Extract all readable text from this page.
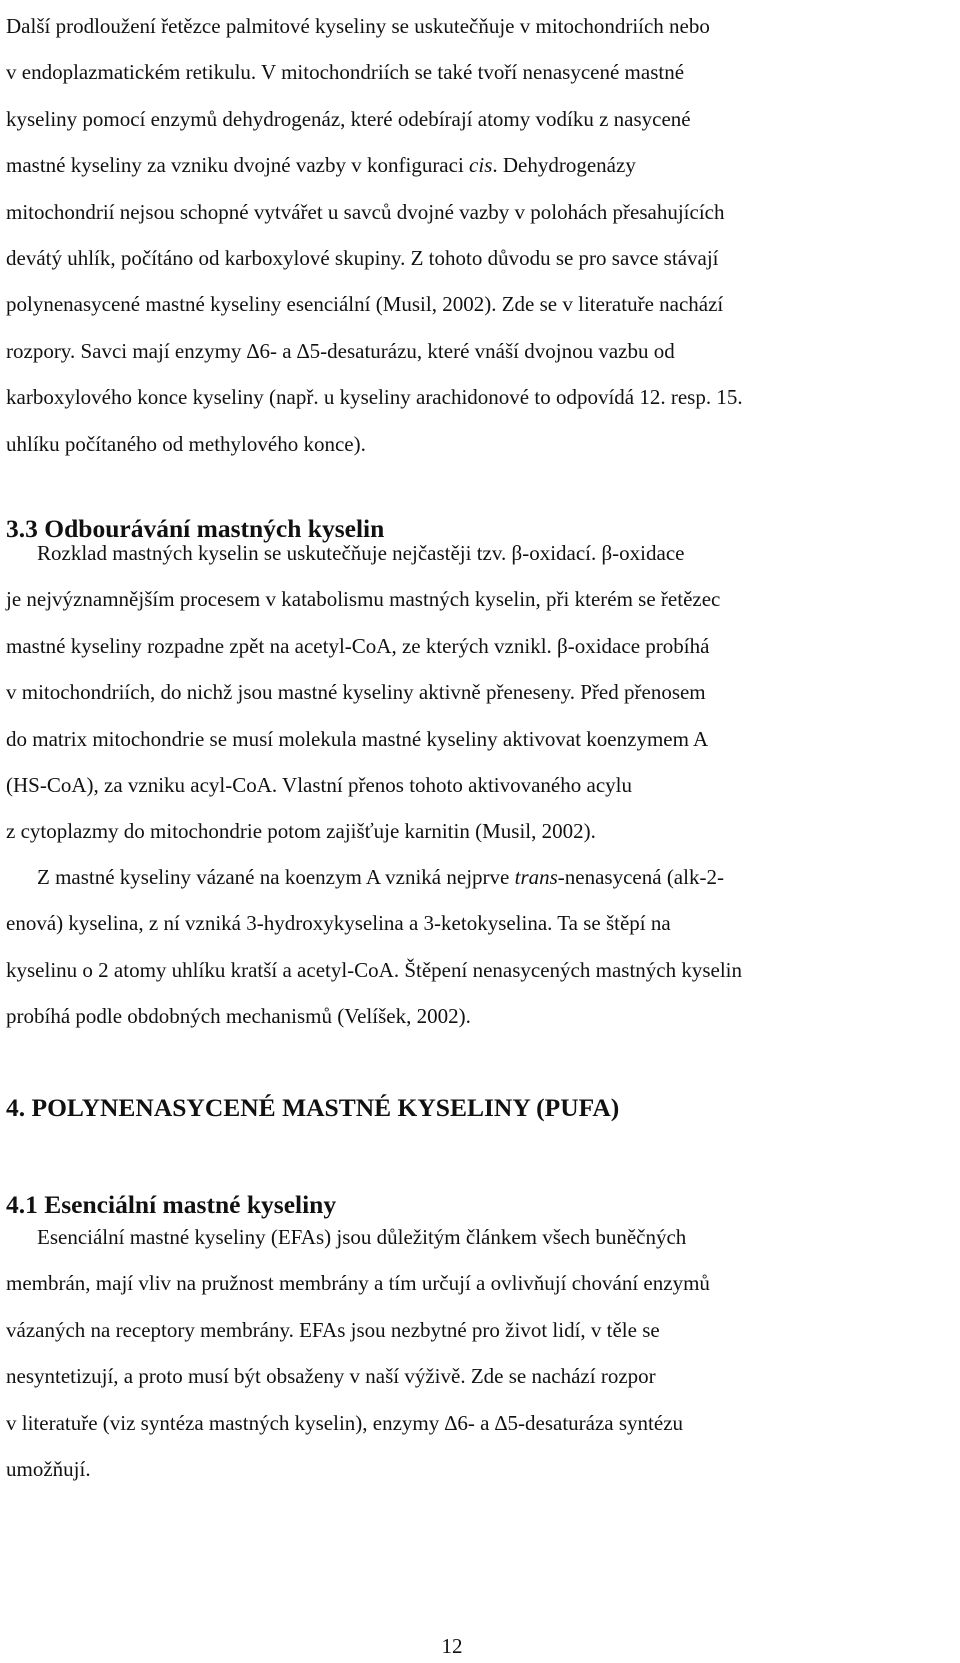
Další prodloužení řetězce palmitové kyseliny se uskutečňuje v mitochondriích nebo
v endoplazmatickém retikulu. V mitochondriích se také tvoří nenasycené mastné
kyseliny pomocí enzymů dehydrogenáz, které odebírají atomy vodíku z nasycené
mastné kyseliny za vzniku dvojné vazby v konfiguraci cis. Dehydrogenázy
mitochondrií nejsou schopné vytvářet u savců dvojné vazby v polohách přesahujících
devátý uhlík, počítáno od karboxylové skupiny. Z tohoto důvodu se pro savce stávají
polynenasycené mastné kyseliny esenciální (Musil, 2002). Zde se v literatuře nachází
rozpory. Savci mají enzymy ∆6- a ∆5-desaturázu, které vnáší dvojnou vazbu od
karboxylového konce kyseliny (např. u kyseliny arachidonové to odpovídá 12. resp. 15.
uhlíku počítaného od methylového konce).
3.3 Odbourávání mastných kyselin
Rozklad mastných kyselin se uskutečňuje nejčastěji tzv. β-oxidací. β-oxidace
je nejvýznamnějším procesem v katabolismu mastných kyselin, při kterém se řetězec
mastné kyseliny rozpadne zpět na acetyl-CoA, ze kterých vznikl. β-oxidace probíhá
v mitochondriích, do nichž jsou mastné kyseliny aktivně přeneseny. Před přenosem
do matrix mitochondrie se musí molekula mastné kyseliny aktivovat koenzymem A
(HS-CoA), za vzniku acyl-CoA. Vlastní přenos tohoto aktivovaného acylu
z cytoplazmy do mitochondrie potom zajišťuje karnitin (Musil, 2002).
Z mastné kyseliny vázané na koenzym A vzniká nejprve trans-nenasycená (alk-2-
enová) kyselina, z ní vzniká 3-hydroxykyselina a 3-ketokyselina. Ta se štěpí na
kyselinu o 2 atomy uhlíku kratší a acetyl-CoA. Štěpení nenasycených mastných kyselin
probíhá podle obdobných mechanismů (Velíšek, 2002).
4. POLYNENASYCENÉ MASTNÉ KYSELINY (PUFA)
4.1 Esenciální mastné kyseliny
Esenciální mastné kyseliny (EFAs) jsou důležitým článkem všech buněčných
membrán, mají vliv na pružnost membrány a tím určují a ovlivňují chování enzymů
vázaných na receptory membrány. EFAs jsou nezbytné pro život lidí, v těle se
nesyntetizují, a proto musí být obsaženy v naší výživě. Zde se nachází rozpor
v literatuře (viz syntéza mastných kyselin), enzymy ∆6- a ∆5-desaturáza syntézu
umožňují.
12
